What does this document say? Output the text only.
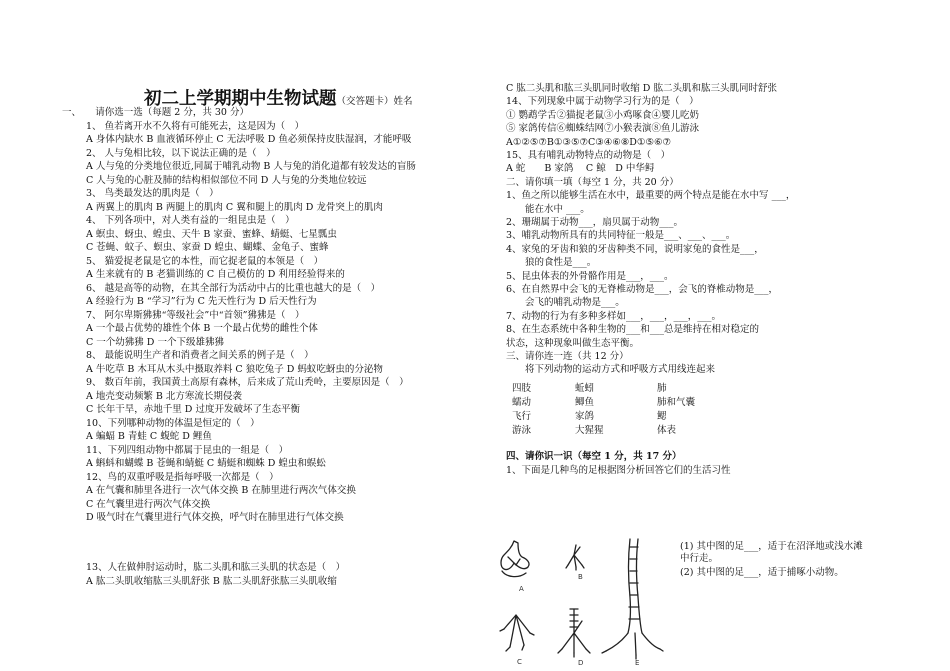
初二上学期期中生物试题（交答题卡）姓名
一、　　请你选一选（每题 2 分，共 30 分）
1、 鱼若离开水不久将有可能死去，这是因为（　）
A 身体内缺水 B 血液循环停止 C 无法呼吸 D 鱼必须保持皮肤湿润，才能呼吸
2、 人与兔相比较，以下说法正确的是（　）
A 人与兔的分类地位很近,同属于哺乳动物 B 人与兔的消化道都有较发达的盲肠
C 人与兔的心脏及肺的结构相似部位不同 D 人与兔的分类地位较远
3、 鸟类最发达的肌肉是（　）
A 两翼上的肌肉 B 两腿上的肌肉 C 翼和腿上的肌肉 D 龙骨突上的肌肉
4、 下列各项中，对人类有益的一组昆虫是（　）
A 螟虫、蚜虫、蝗虫、天牛 B 家蚕、蜜蜂、蜻蜓、七星瓢虫
C 苍蝇、蚊子、螟虫、家蚕 D 蝗虫、蝴蝶、金龟子、蜜蜂
5、 猫爱捉老鼠是它的本性，而它捉老鼠的本领是（　）
A 生来就有的 B 老猫训练的 C 自己模仿的 D 利用经验得来的
6、 越是高等的动物，在其全部行为活动中占的比重也越大的是（　）
A 经验行为 B “学习”行为 C 先天性行为 D 后天性行为
7、 阿尔卑斯狒狒“等级社会”中“首领”狒狒是（　）
A 一个最占优势的雄性个体 B 一个最占优势的雌性个体
C 一个幼狒狒 D 一个下级雄狒狒
8、 最能说明生产者和消费者之间关系的例子是（　）
A 牛吃草 B 木耳从木头中摄取养料 C 狼吃兔子 D 蚂蚁吃蚜虫的分泌物
9、 数百年前，我国黄土高原有森林，后来成了荒山秃岭，主要原因是（　）
A 地壳变动频繁 B 北方寒流长期侵袭
C 长年干旱，赤地千里 D 过度开发破坏了生态平衡
10、下列哪种动物的体温是恒定的（　）
A 蝙蝠 B 青蛙 C 蝮蛇 D 鲤鱼
11、下列四组动物中都属于昆虫的一组是（　）
A 蝌蚪和蝴蝶 B 苍蝇和蜻蜓 C 蜻蜓和蜘蛛 D 蝗虫和蜈蚣
12、鸟的双重呼吸是指每呼吸一次都是（　）
A 在气囊和肺里各进行一次气体交换 B 在肺里进行两次气体交换
C 在气囊里进行两次气体交换
D 吸气时在气囊里进行气体交换，呼气时在肺里进行气体交换
13、人在做伸肘运动时，肱二头肌和肱三头肌的状态是（　）
A 肱二头肌收缩肱三头肌舒张 B 肱二头肌舒张肱三头肌收缩
四肢	蚯蚓	肺
蠕动	鲫鱼	肺和气囊
飞行	家鸽	鳃
游泳	大猩猩	体表
四、请你识一识（每空 1 分，共 17 分）
1、下面是几种鸟的足根据图分析回答它们的生活习性
(1) 其中图的足___，适于在沼泽地或浅水滩
中行走。
(2) 其中图的足___，适于捕啄小动物。
C 肱二头肌和肱三头肌同时收缩 D 肱二头肌和肱三头肌同时舒张
14、下列现象中属于动物学习行为的是（　）
① 鹦鹉学舌②猫捉老鼠③小鸡啄食④婴儿吃奶
⑤ 家鸽传信⑥蜘蛛结网⑦小猴表演⑧鱼儿游泳
A①②⑤⑦B①③⑤⑦C③④⑥⑧D①⑤⑥⑦
15、具有哺乳动物特点的动物是（　）
A 蛇　　B 家鸽　 C 鲸　D 中华鲟
二、请你填一填（每空 1 分，共 20 分）
1、鱼之所以能够生活在水中，最重要的两个特点是能在水中写 ___，
　　能在水中 ___。
2、珊瑚属于动物___，扇贝属于动物___。
3、哺乳动物所具有的共同特征一般是___、___、___。
4、家兔的牙齿和狼的牙齿种类不同，说明家兔的食性是___，
　　狼的食性是___。
5、昆虫体表的外骨骼作用是___，___。
6、在自然界中会飞的无脊椎动物是___，会飞的脊椎动物是___，
　　会飞的哺乳动物是___。
7、动物的行为有多种多样如___，___，___，___。
8、在生态系统中各种生物的___和___总是维持在相对稳定的
状态，这种现象叫做生态平衡。
三、请你连一连（共 12 分）
　　将下列动物的运动方式和呼吸方式用线连起来
A
B
C	D	E
